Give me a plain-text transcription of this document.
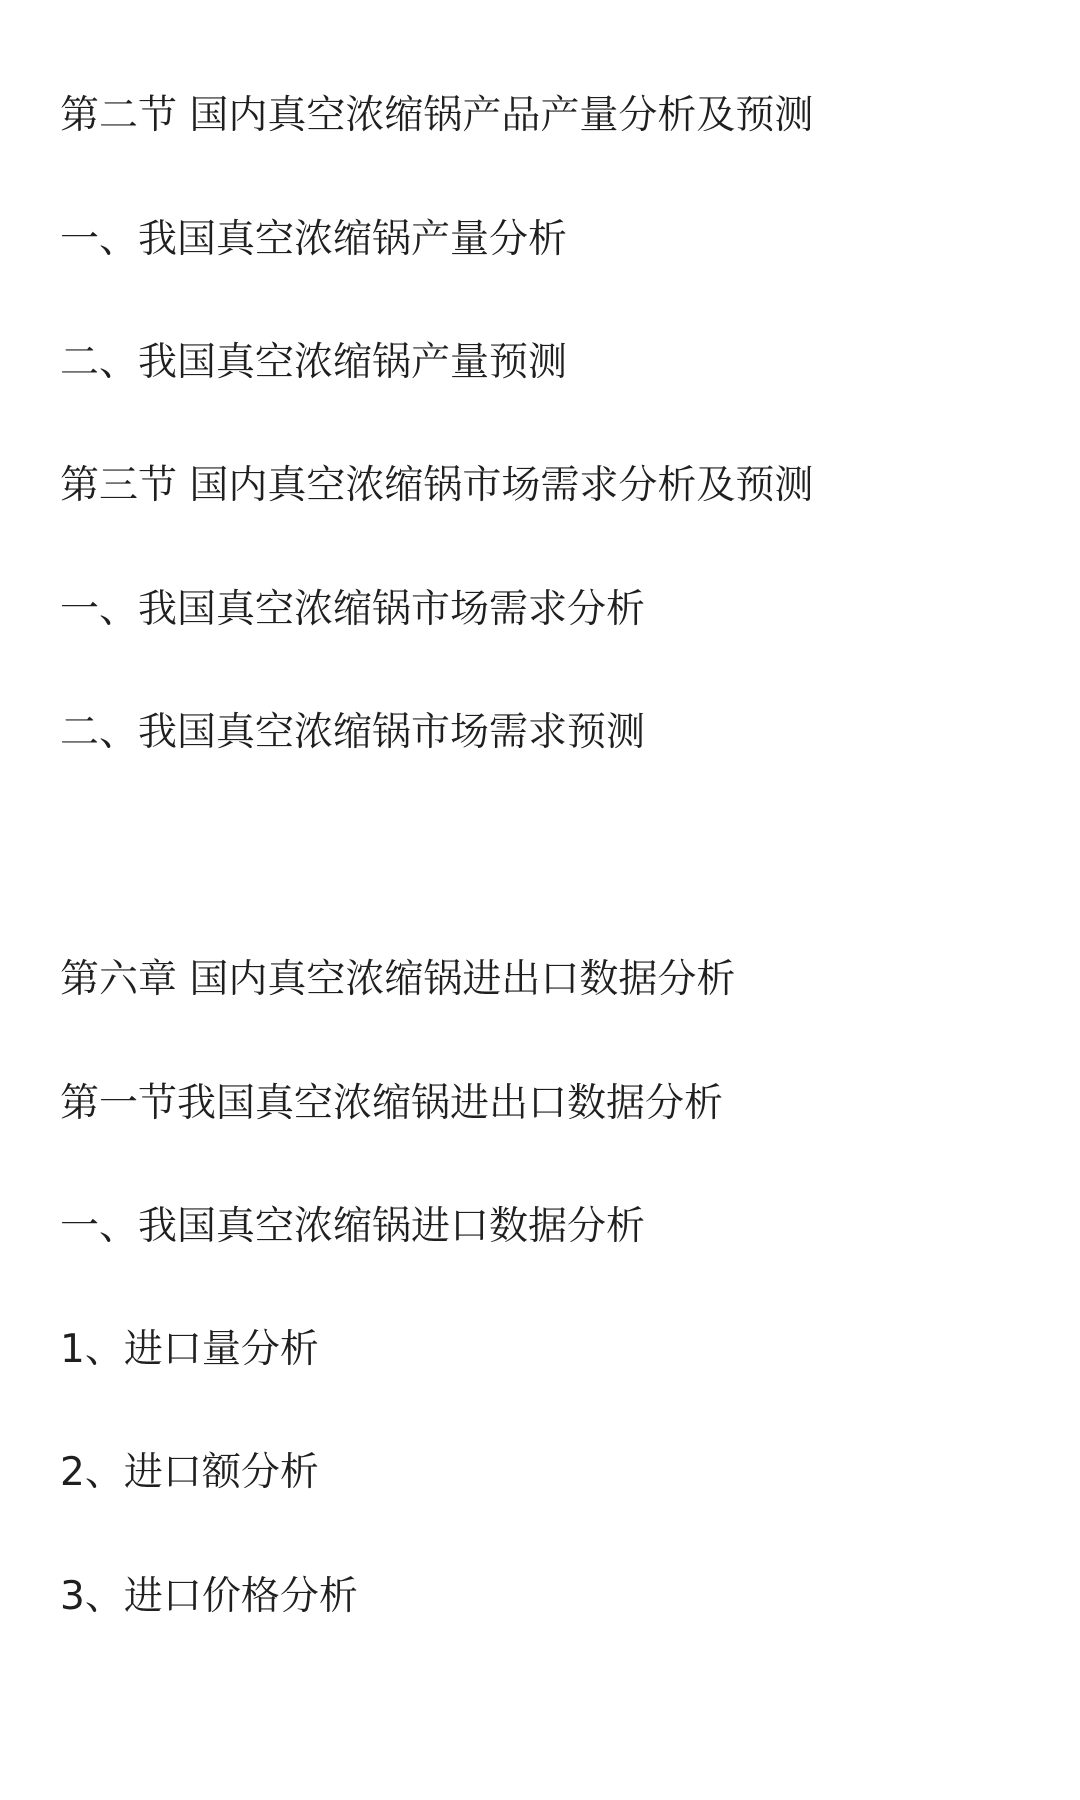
第二节 国内真空浓缩锅产品产量分析及预测

一、我国真空浓缩锅产量分析

二、我国真空浓缩锅产量预测

第三节 国内真空浓缩锅市场需求分析及预测

一、我国真空浓缩锅市场需求分析

二、我国真空浓缩锅市场需求预测

第六章 国内真空浓缩锅进出口数据分析

第一节我国真空浓缩锅进出口数据分析

一、我国真空浓缩锅进口数据分析

1、进口量分析

2、进口额分析

3、进口价格分析
